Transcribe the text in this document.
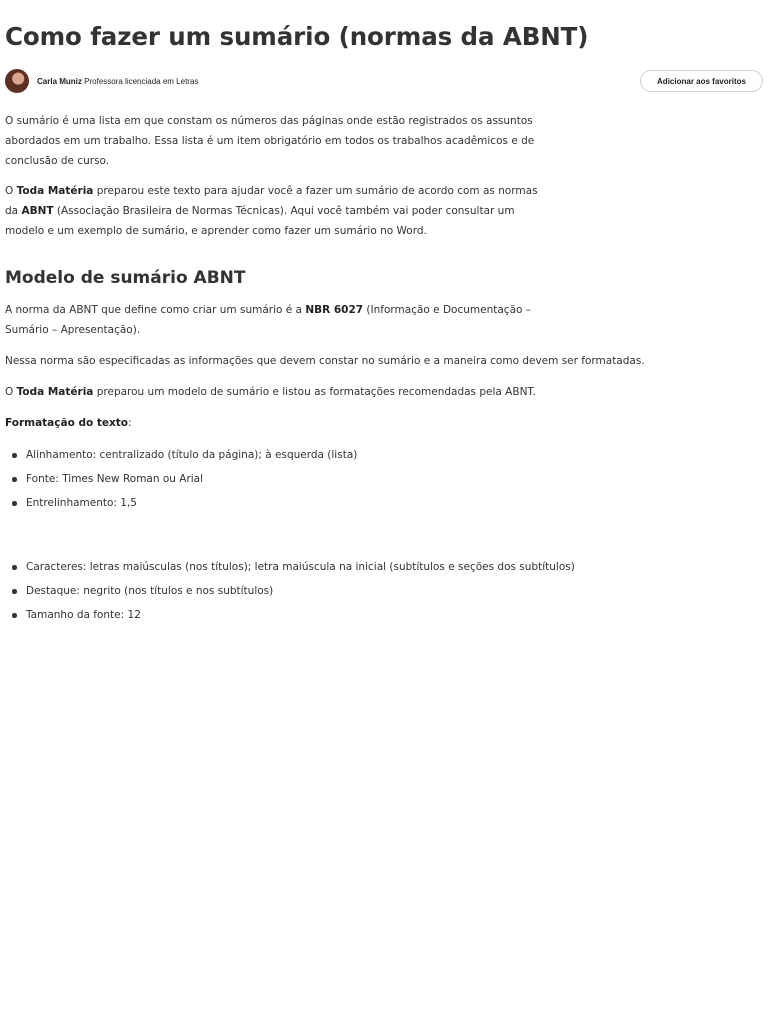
Como fazer um sumário (normas da ABNT)
Carla Muniz Professora licenciada em Letras	Adicionar aos favoritos

O sumário é uma lista em que constam os números das páginas onde estão registrados os assuntos abordados em um trabalho. Essa lista é um item obrigatório em todos os trabalhos acadêmicos e de conclusão de curso.

O Toda Matéria preparou este texto para ajudar você a fazer um sumário de acordo com as normas da ABNT (Associação Brasileira de Normas Técnicas). Aqui você também vai poder consultar um modelo e um exemplo de sumário, e aprender como fazer um sumário no Word.

Modelo de sumário ABNT

A norma da ABNT que define como criar um sumário é a NBR 6027 (Informação e Documentação – Sumário – Apresentação).

Nessa norma são especificadas as informações que devem constar no sumário e a maneira como devem ser formatadas.

O Toda Matéria preparou um modelo de sumário e listou as formatações recomendadas pela ABNT.

Formatação do texto:

Alinhamento: centralizado (título da página); à esquerda (lista)
Fonte: Times New Roman ou Arial
Entrelinhamento: 1,5
Caracteres: letras maiúsculas (nos títulos); letra maiúscula na inicial (subtítulos e seções dos subtítulos)
Destaque: negrito (nos títulos e nos subtítulos)
Tamanho da fonte: 12
